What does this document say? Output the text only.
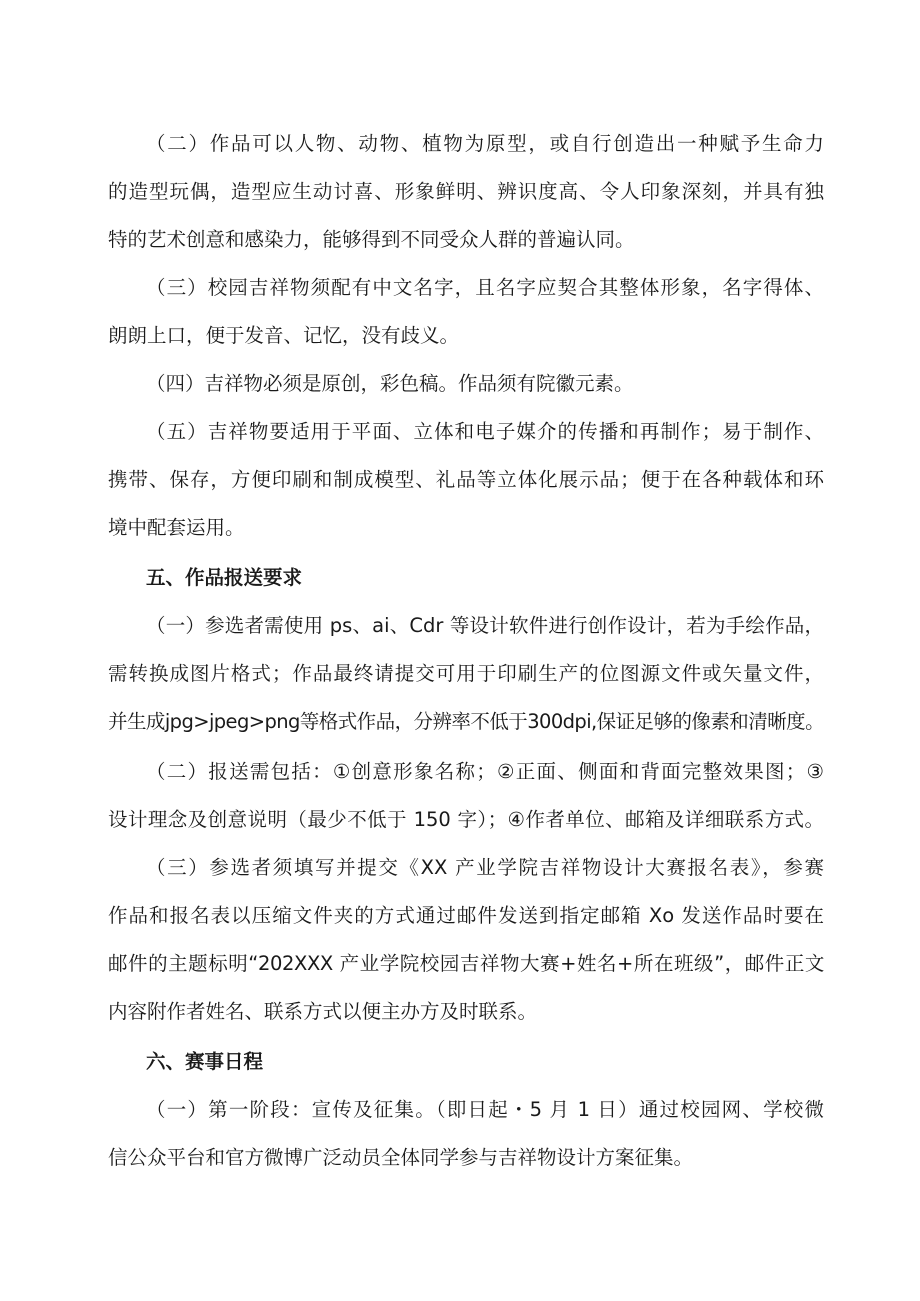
（二）作品可以人物、动物、植物为原型，或自行创造出一种赋予生命力
的造型玩偶，造型应生动讨喜、形象鲜明、辨识度高、令人印象深刻，并具有独
特的艺术创意和感染力，能够得到不同受众人群的普遍认同。
（三）校园吉祥物须配有中文名字，且名字应契合其整体形象，名字得体、
朗朗上口，便于发音、记忆，没有歧义。
（四）吉祥物必须是原创，彩色稿。作品须有院徽元素。
（五）吉祥物要适用于平面、立体和电子媒介的传播和再制作；易于制作、
携带、保存，方便印刷和制成模型、礼品等立体化展示品；便于在各种载体和环
境中配套运用。
五、作品报送要求
（一）参选者需使用 ps、ai、Cdr 等设计软件进行创作设计，若为手绘作品，
需转换成图片格式；作品最终请提交可用于印刷生产的位图源文件或矢量文件，
并生成jpg>jpeg>png等格式作品，分辨率不低于300dpi,保证足够的像素和清晰度。
（二）报送需包括：①创意形象名称；②正面、侧面和背面完整效果图；③
设计理念及创意说明（最少不低于 150 字）；④作者单位、邮箱及详细联系方式。
（三）参选者须填写并提交《XX 产业学院吉祥物设计大赛报名表》，参赛
作品和报名表以压缩文件夹的方式通过邮件发送到指定邮箱 Xo 发送作品时要在
邮件的主题标明“202XXX 产业学院校园吉祥物大赛+姓名+所在班级”，邮件正文
内容附作者姓名、联系方式以便主办方及时联系。
六、赛事日程
（一）第一阶段：宣传及征集。（即日起・5 月 1 日）通过校园网、学校微
信公众平台和官方微博广泛动员全体同学参与吉祥物设计方案征集。
